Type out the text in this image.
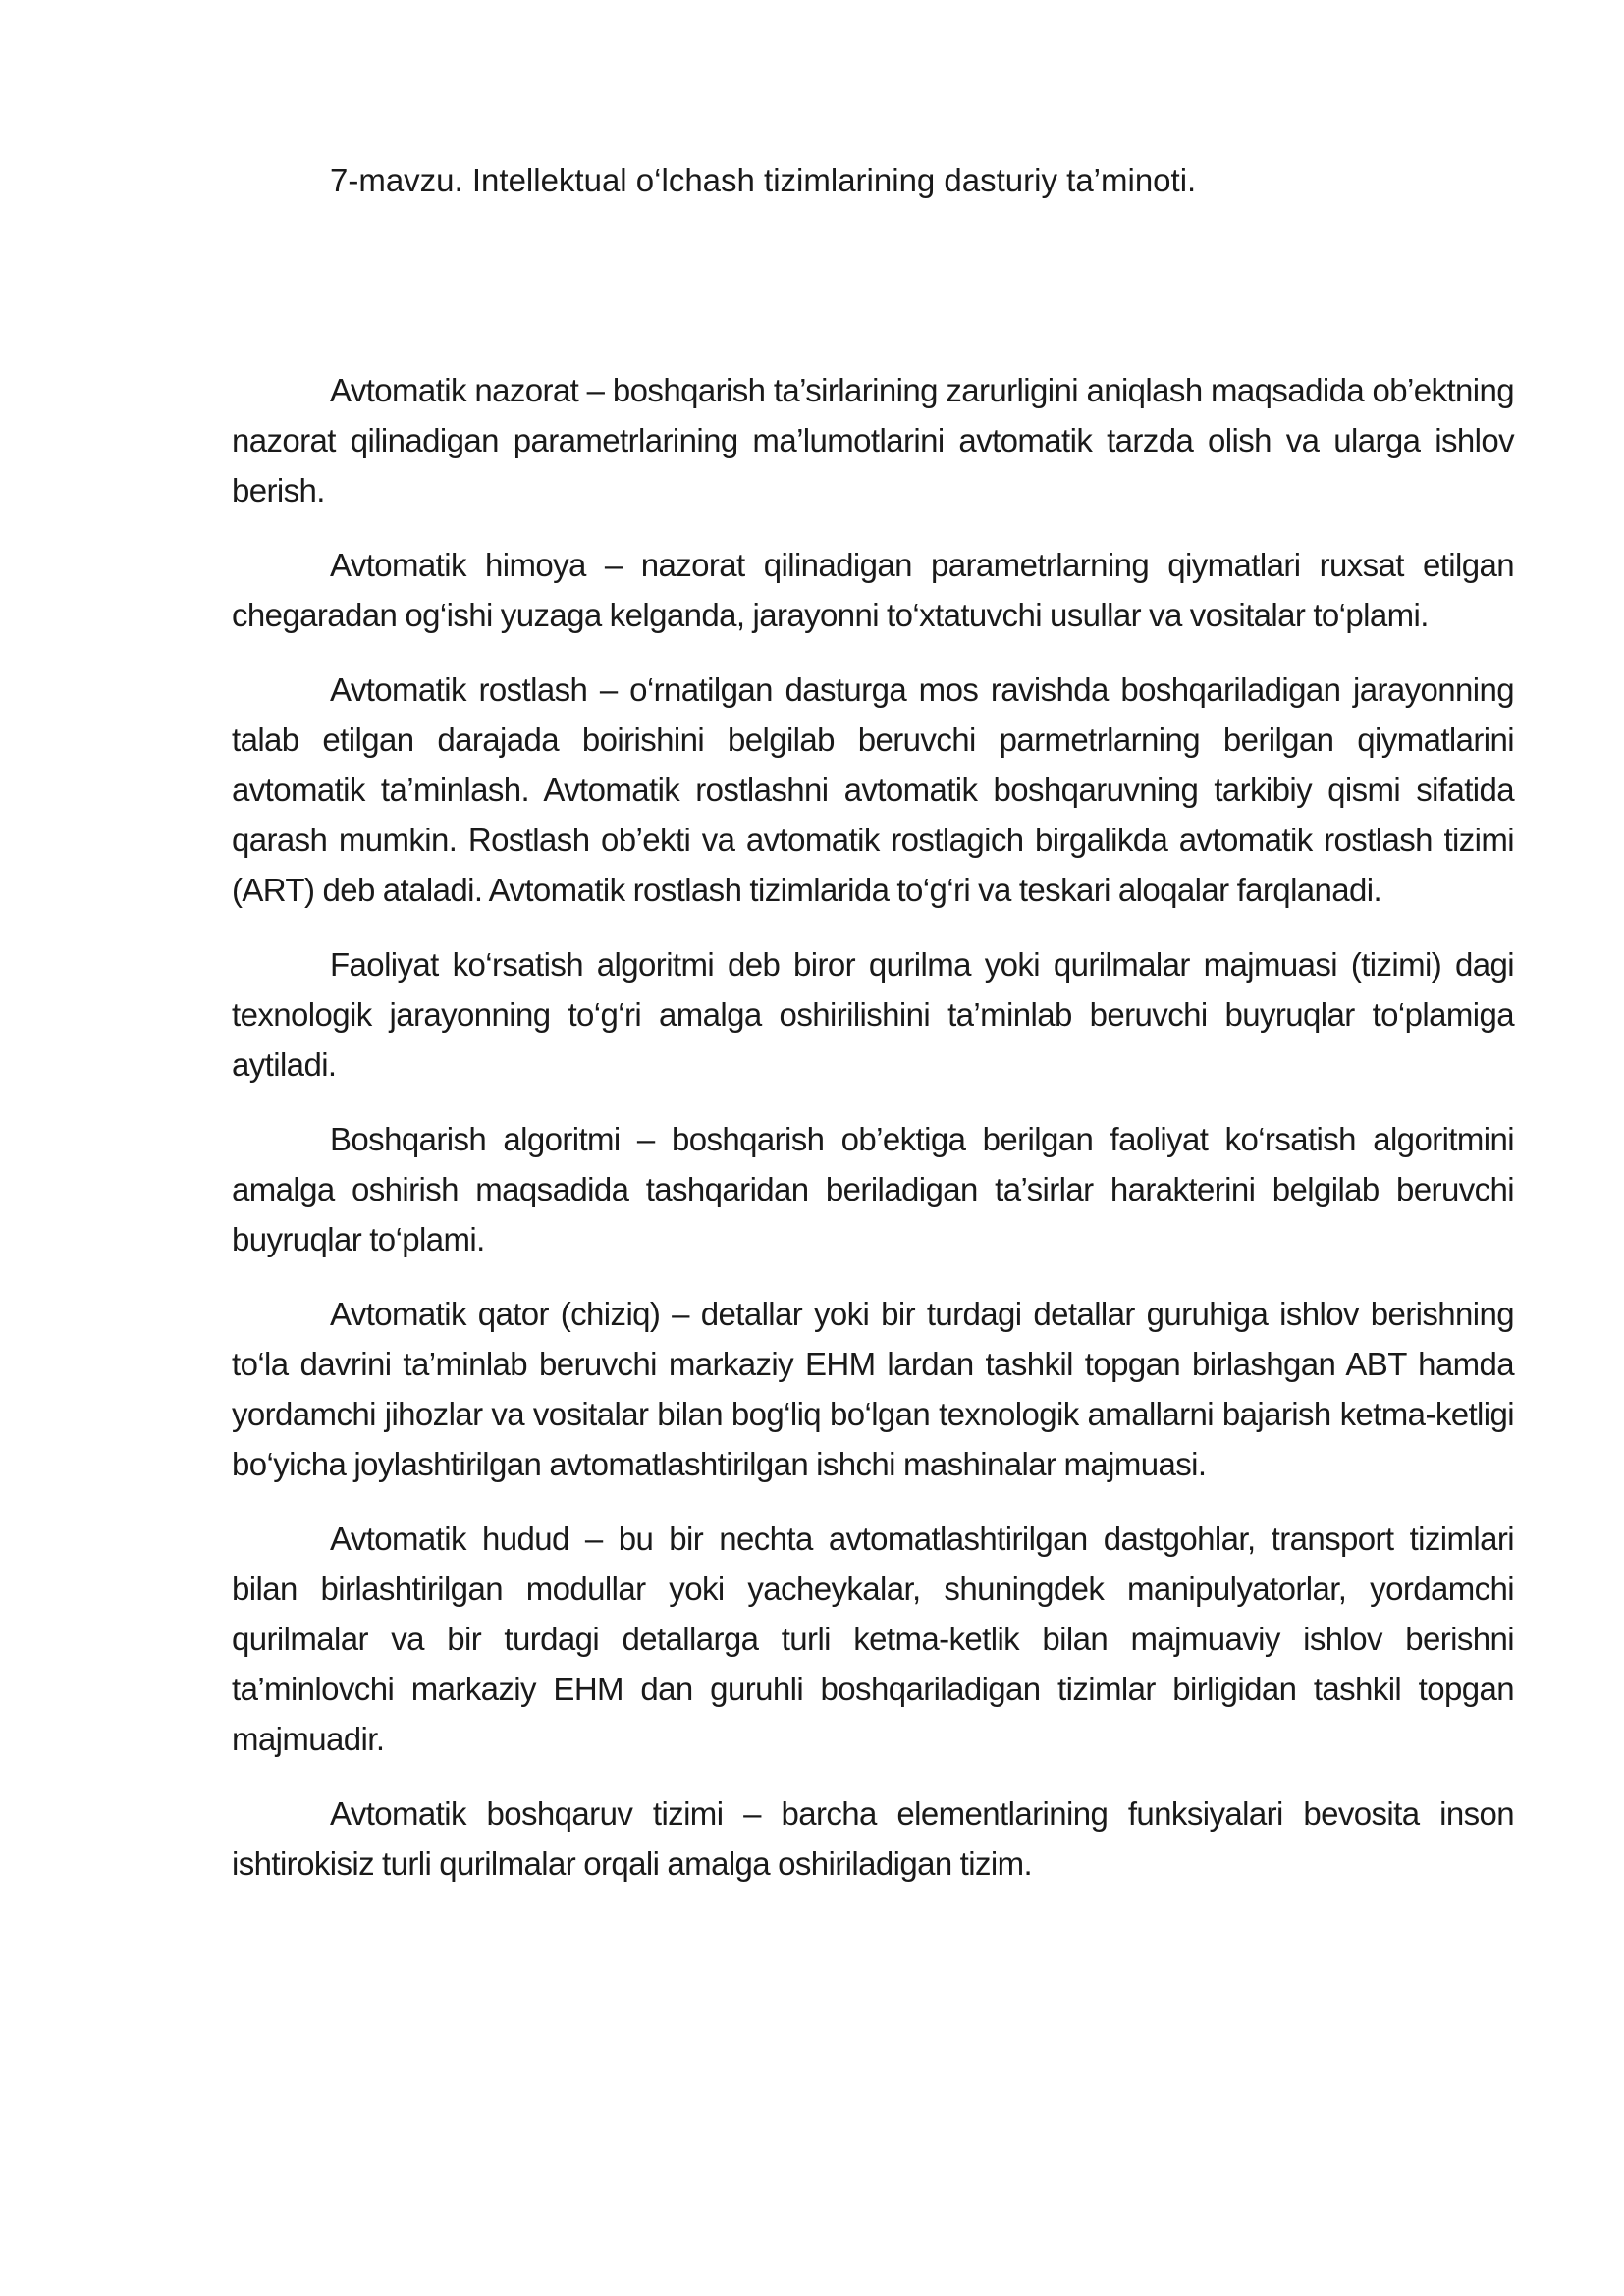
7-mavzu. Intellektual o‘lchash tizimlarining dasturiy ta’minoti.

Avtomatik nazorat – boshqarish ta’sirlarining zarurligini aniqlash maqsadida ob’ektning nazorat qilinadigan parametrlarining ma’lumotlarini avtomatik tarzda olish va ularga ishlov berish.

Avtomatik himoya – nazorat qilinadigan parametrlarning qiymatlari ruxsat etilgan chegaradan og‘ishi yuzaga kelganda, jarayonni to‘xtatuvchi usullar va vositalar to‘plami.

Avtomatik rostlash – o‘rnatilgan dasturga mos ravishda boshqariladigan jarayonning talab etilgan darajada boirishini belgilab beruvchi parmetrlarning berilgan qiymatlarini avtomatik ta’minlash. Avtomatik rostlashni avtomatik boshqaruvning tarkibiy qismi sifatida qarash mumkin. Rostlash ob’ekti va avtomatik rostlagich birgalikda avtomatik rostlash tizimi (ART) deb ataladi. Avtomatik rostlash tizimlarida to‘g‘ri va teskari aloqalar farqlanadi.

Faoliyat ko‘rsatish algoritmi deb biror qurilma yoki qurilmalar majmuasi (tizimi) dagi texnologik jarayonning to‘g‘ri amalga oshirilishini ta’minlab beruvchi buyruqlar to‘plamiga aytiladi.

Boshqarish algoritmi – boshqarish ob’ektiga berilgan faoliyat ko‘rsatish algoritmini amalga oshirish maqsadida tashqaridan beriladigan ta’sirlar harakterini belgilab beruvchi buyruqlar to‘plami.

Avtomatik qator (chiziq) – detallar yoki bir turdagi detallar guruhiga ishlov berishning to‘la davrini ta’minlab beruvchi markaziy EHM lardan tashkil topgan birlashgan ABT hamda yordamchi jihozlar va vositalar bilan bog‘liq bo‘lgan texnologik amallarni bajarish ketma-ketligi bo‘yicha joylashtirilgan avtomatlashtirilgan ishchi mashinalar majmuasi.

Avtomatik hudud – bu bir nechta avtomatlashtirilgan dastgohlar, transport tizimlari bilan birlashtirilgan modullar yoki yacheykalar, shuningdek manipulyatorlar, yordamchi qurilmalar va bir turdagi detallarga turli ketma-ketlik bilan majmuaviy ishlov berishni ta’minlovchi markaziy EHM dan guruhli boshqariladigan tizimlar birligidan tashkil topgan majmuadir.

Avtomatik boshqaruv tizimi – barcha elementlarining funksiyalari bevosita inson ishtirokisiz turli qurilmalar orqali amalga oshiriladigan tizim.
